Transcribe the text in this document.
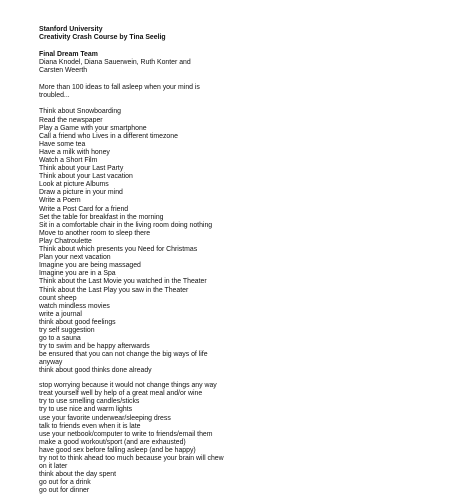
Stanford University
Creativity Crash Course by Tina Seelig
Final Dream Team
Diana Knodel, Diana Sauerwein, Ruth Konter and
Carsten Weerth
More than 100 ideas to fall asleep when your mind is
troubled...
Think about Snowboarding
Read the newspaper
Play a Game with your smartphone
Call a friend who Lives in a different timezone
Have some tea
Have a milk with honey
Watch a Short Film
Think about your Last Party
Think about your Last vacation
Look at picture Albums
Draw a picture in your mind
Write a Poem
Write a Post Card for a friend
Set the table for breakfast in the morning
Sit in a comfortable chair in the living room doing nothing
Move to another room to sleep there
Play Chatroulette
Think about which presents you Need for Christmas
Plan your next vacation
Imagine you are being massaged
Imagine you are in a Spa
Think about the Last Movie you watched in the Theater
Think about the Last Play you saw in the Theater
count sheep
watch mindless movies
write a journal
think about good feelings
try self suggestion
go to a sauna
try to swim and be happy afterwards
be ensured that you can not change the big ways of life
anyway
think about good thinks done already
stop worrying because it would not change things any way
treat yourself well by help of a great meal and/or wine
try to use smelling candles/sticks
try to use nice and warm lights
use your favorite underwear/sleeping dress
talk to friends even when it is late
use your netbook/computer to write to friends/email them
make a good workout/sport (and are exhausted)
have good sex before falling asleep (and be happy)
try not to think ahead too much because your brain will chew
on it later
think about the day spent
go out for a drink
go out for dinner
